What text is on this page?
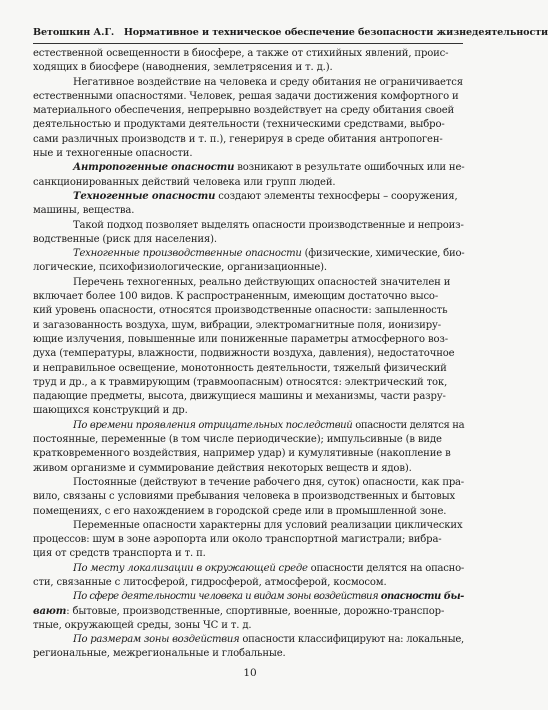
Ветошкин А.Г. Нормативное и техническое обеспечение безопасности жизнедеятельности
естественной освещенности в биосфере, а также от стихийных явлений, проис-
ходящих в биосфере (наводнения, землетрясения и т. д.).
Негативное воздействие на человека и среду обитания не ограничивается
естественными опасностями. Человек, решая задачи достижения комфортного и
материального обеспечения, непрерывно воздействует на среду обитания своей
деятельностью и продуктами деятельности (техническими средствами, выбро-
сами различных производств и т. п.), генерируя в среде обитания антропоген-
ные и техногенные опасности.
Антропогенные опасности возникают в результате ошибочных или не-
санкционированных действий человека или групп людей.
Техногенные опасности создают элементы техносферы – сооружения,
машины, вещества.
Такой подход позволяет выделять опасности производственные и непроиз-
водственные (риск для населения).
Техногенные производственные опасности (физические, химические, био-
логические, психофизиологические, организационные).
Перечень техногенных, реально действующих опасностей значителен и
включает более 100 видов. К распространенным, имеющим достаточно высо-
кий уровень опасности, относятся производственные опасности: запыленность
и загазованность воздуха, шум, вибрации, электромагнитные поля, ионизиру-
ющие излучения, повышенные или пониженные параметры атмосферного воз-
духа (температуры, влажности, подвижности воздуха, давления), недостаточное
и неправильное освещение, монотонность деятельности, тяжелый физический
труд и др., а к травмирующим (травмоопасным) относятся: электрический ток,
падающие предметы, высота, движущиеся машины и механизмы, части разру-
шающихся конструкций и др.
По времени проявления отрицательных последствий опасности делятся на
постоянные, переменные (в том числе периодические); импульсивные (в виде
кратковременного воздействия, например удар) и кумулятивные (накопление в
живом организме и суммирование действия некоторых веществ и ядов).
Постоянные (действуют в течение рабочего дня, суток) опасности, как пра-
вило, связаны с условиями пребывания человека в производственных и бытовых
помещениях, с его нахождением в городской среде или в промышленной зоне.
Переменные опасности характерны для условий реализации циклических
процессов: шум в зоне аэропорта или около транспортной магистрали; вибра-
ция от средств транспорта и т. п.
По месту локализации в окружающей среде опасности делятся на опасно-
сти, связанные с литосферой, гидросферой, атмосферой, космосом.
По сфере деятельности человека и видам зоны воздействия опасности бы-
вают: бытовые, производственные, спортивные, военные, дорожно-транспор-
тные, окружающей среды, зоны ЧС и т. д.
По размерам зоны воздействия опасности классифицируют на: локальные,
региональные, межрегиональные и глобальные.
10
